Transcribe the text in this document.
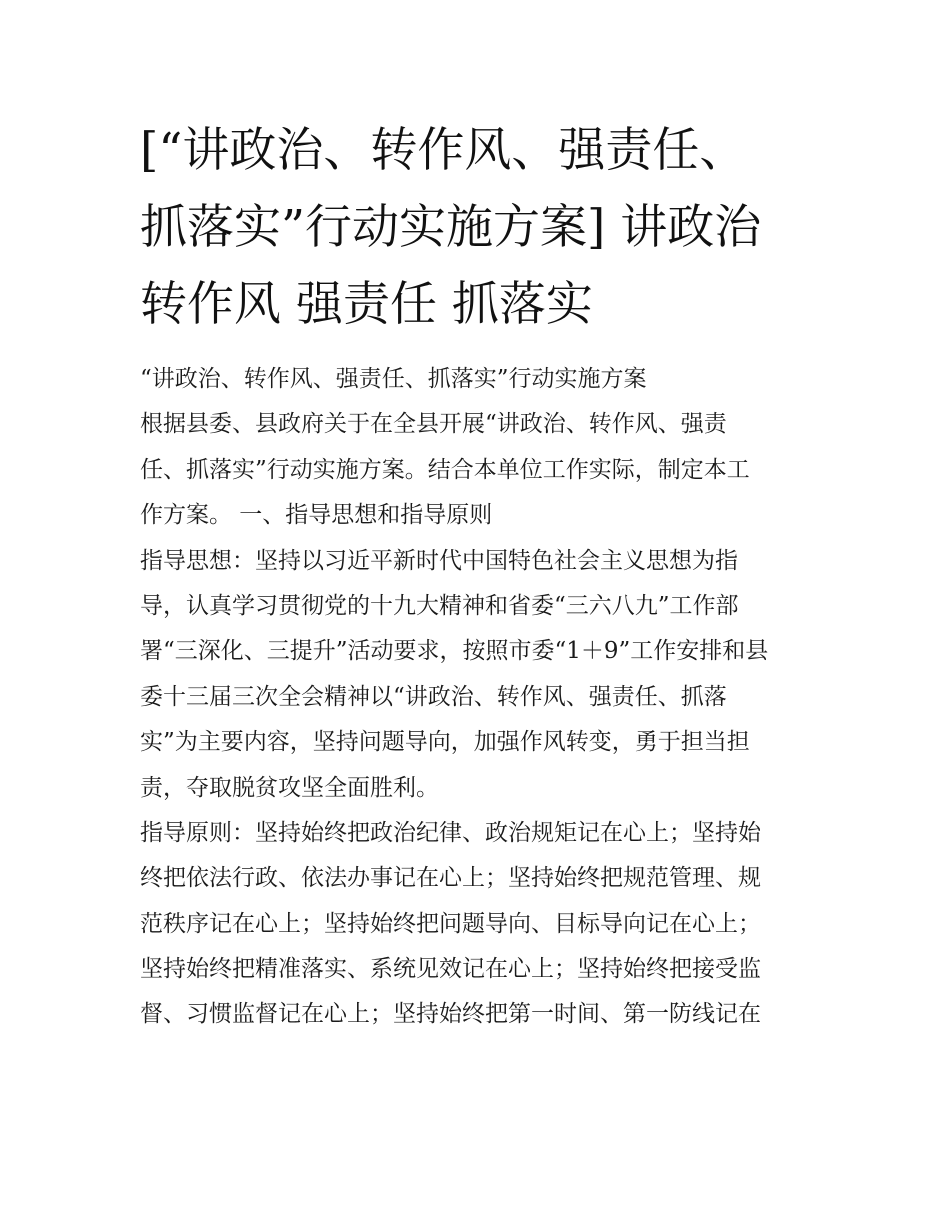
[“讲政治、转作风、强责任、
抓落实”行动实施方案] 讲政治
转作风 强责任 抓落实
“讲政治、转作风、强责任、抓落实”行动实施方案
根据县委、县政府关于在全县开展“讲政治、转作风、强责
任、抓落实”行动实施方案。结合本单位工作实际，制定本工
作方案。 一、指导思想和指导原则
指导思想：坚持以习近平新时代中国特色社会主义思想为指
导，认真学习贯彻党的十九大精神和省委“三六八九”工作部
署“三深化、三提升”活动要求，按照市委“1＋9”工作安排和县
委十三届三次全会精神以“讲政治、转作风、强责任、抓落
实”为主要内容，坚持问题导向，加强作风转变，勇于担当担
责，夺取脱贫攻坚全面胜利。
指导原则：坚持始终把政治纪律、政治规矩记在心上；坚持始
终把依法行政、依法办事记在心上；坚持始终把规范管理、规
范秩序记在心上；坚持始终把问题导向、目标导向记在心上；
坚持始终把精准落实、系统见效记在心上；坚持始终把接受监
督、习惯监督记在心上；坚持始终把第一时间、第一防线记在
